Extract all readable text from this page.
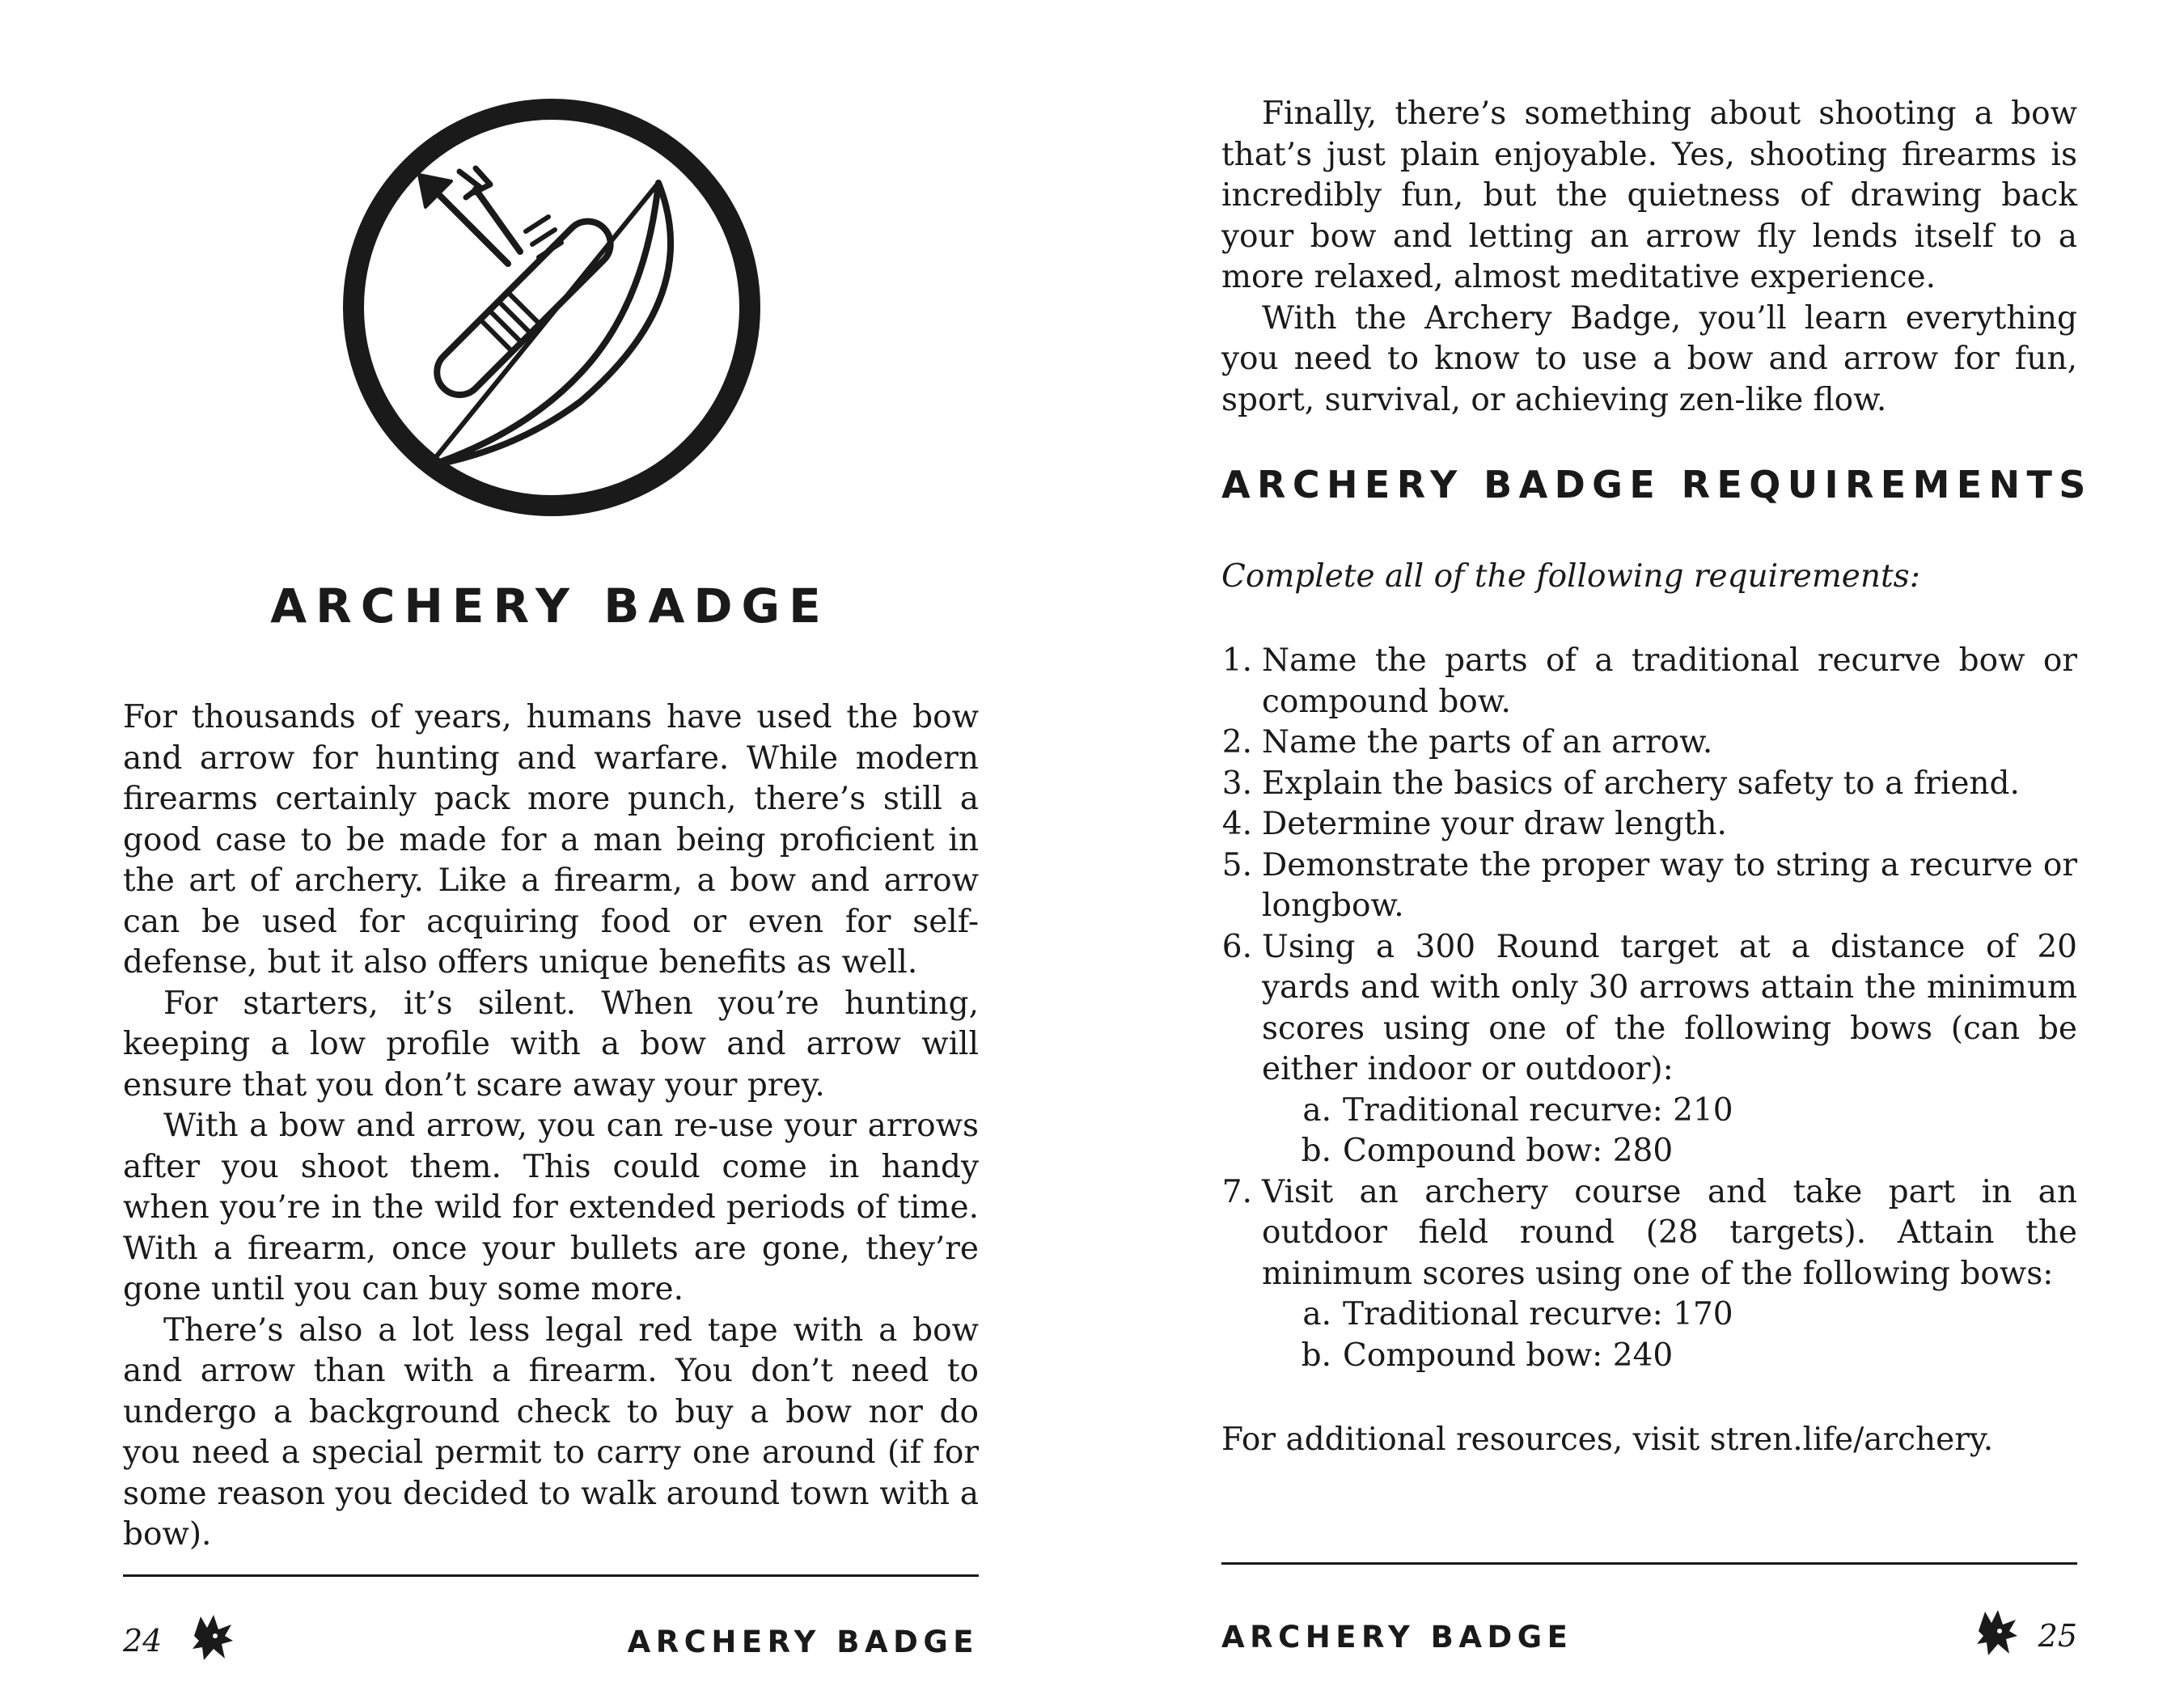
ARCHERY BADGE

For thousands of years, humans have used the bow and arrow for hunting and warfare. While modern firearms certainly pack more punch, there’s still a good case to be made for a man being proficient in the art of archery. Like a firearm, a bow and arrow can be used for acquiring food or even for self-defense, but it also offers unique benefits as well.

For starters, it’s silent. When you’re hunting, keeping a low profile with a bow and arrow will ensure that you don’t scare away your prey.

With a bow and arrow, you can re-use your arrows after you shoot them. This could come in handy when you’re in the wild for extended periods of time. With a firearm, once your bullets are gone, they’re gone until you can buy some more.

There’s also a lot less legal red tape with a bow and arrow than with a firearm. You don’t need to undergo a background check to buy a bow nor do you need a special permit to carry one around (if for some reason you decided to walk around town with a bow).

24	ARCHERY BADGE

Finally, there’s something about shooting a bow that’s just plain enjoyable. Yes, shooting firearms is incredibly fun, but the quietness of drawing back your bow and letting an arrow fly lends itself to a more relaxed, almost meditative experience.

With the Archery Badge, you’ll learn everything you need to know to use a bow and arrow for fun, sport, survival, or achieving zen-like flow.

ARCHERY BADGE REQUIREMENTS

Complete all of the following requirements:

1. Name the parts of a traditional recurve bow or compound bow.
2. Name the parts of an arrow.
3. Explain the basics of archery safety to a friend.
4. Determine your draw length.
5. Demonstrate the proper way to string a recurve or longbow.
6. Using a 300 Round target at a distance of 20 yards and with only 30 arrows attain the minimum scores using one of the following bows (can be either indoor or outdoor):
a. Traditional recurve: 210
b. Compound bow: 280
7. Visit an archery course and take part in an outdoor field round (28 targets). Attain the minimum scores using one of the following bows:
a. Traditional recurve: 170
b. Compound bow: 240

For additional resources, visit stren.life/archery.

ARCHERY BADGE	25
